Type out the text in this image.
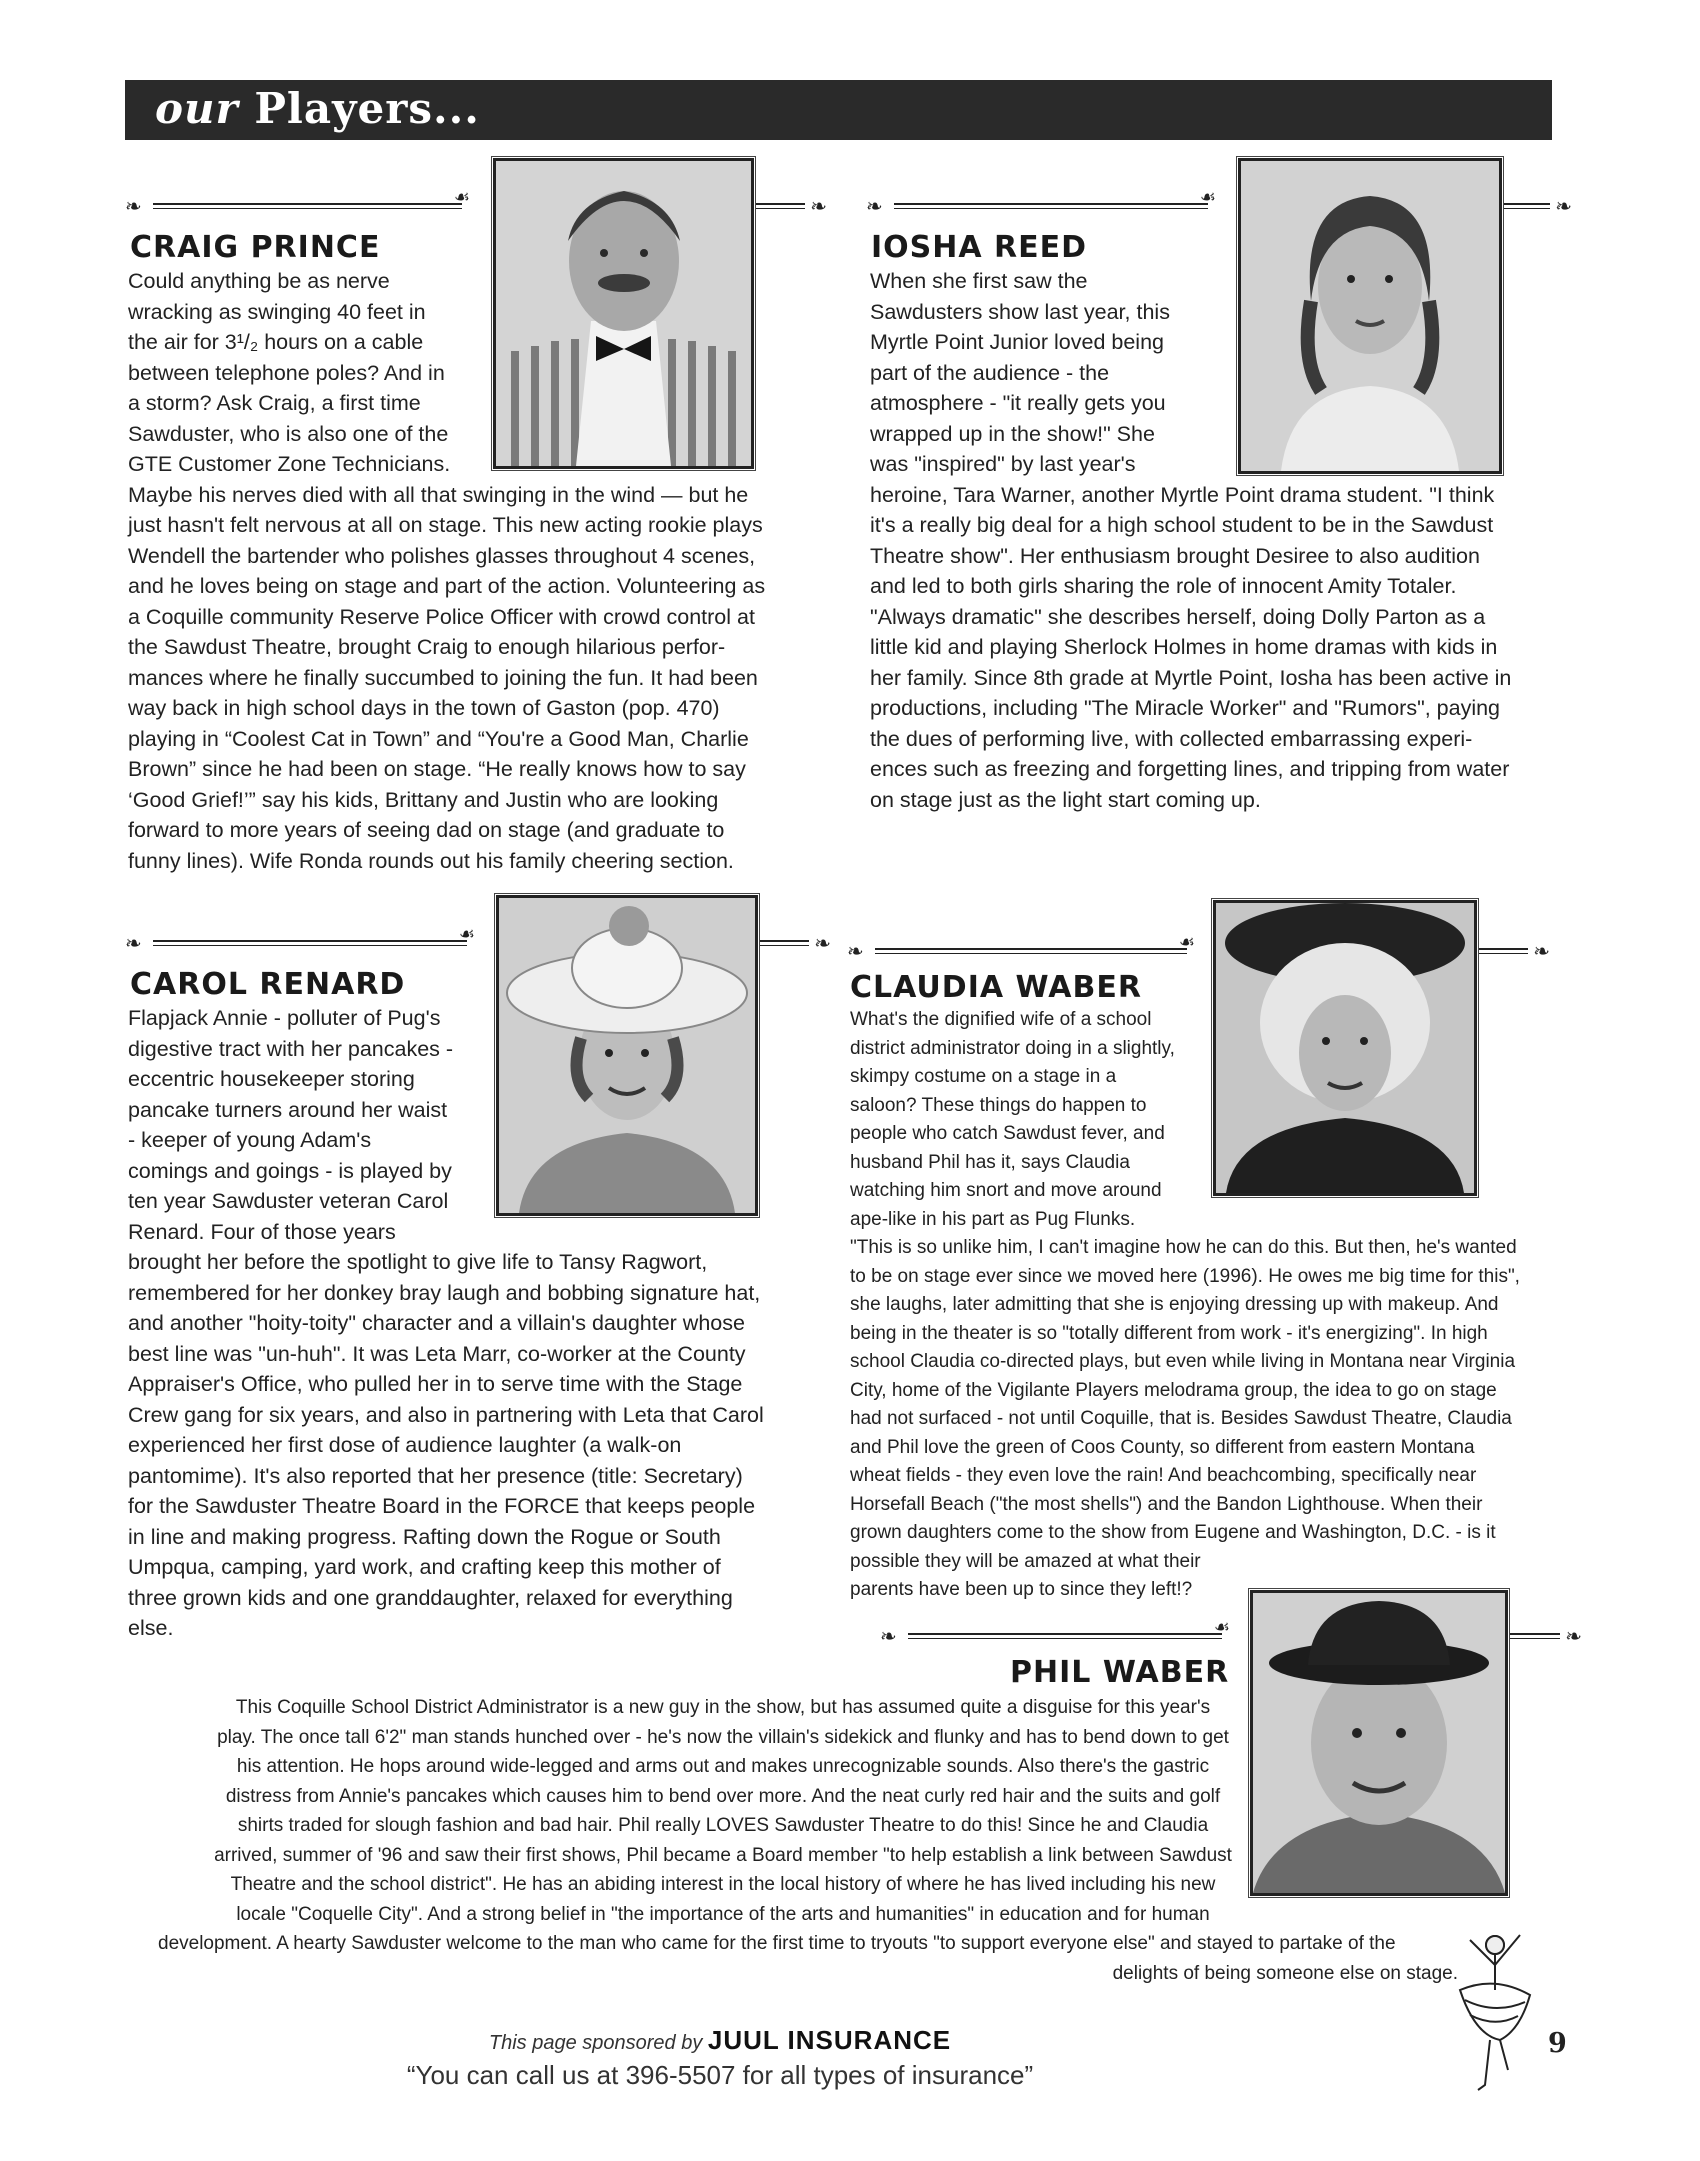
our Players...
❧	☙	❧
CRAIG PRINCE
Could anything be as nerve
wracking as swinging 40 feet in
the air for 3¹/₂ hours on a cable
between telephone poles? And in
a storm? Ask Craig, a first time
Sawduster, who is also one of the
GTE Customer Zone Technicians.
Maybe his nerves died with all that swinging in the wind — but he
just hasn't felt nervous at all on stage. This new acting rookie plays
Wendell the bartender who polishes glasses throughout 4 scenes,
and he loves being on stage and part of the action. Volunteering as
a Coquille community Reserve Police Officer with crowd control at
the Sawdust Theatre, brought Craig to enough hilarious perfor-
mances where he finally succumbed to joining the fun. It had been
way back in high school days in the town of Gaston (pop. 470)
playing in “Coolest Cat in Town” and “You're a Good Man, Charlie
Brown” since he had been on stage. “He really knows how to say
‘Good Grief!’” say his kids, Brittany and Justin who are looking
forward to more years of seeing dad on stage (and graduate to
funny lines). Wife Ronda rounds out his family cheering section.
❧	☙	❧
IOSHA REED
When she first saw the
Sawdusters show last year, this
Myrtle Point Junior loved being
part of the audience - the
atmosphere - "it really gets you
wrapped up in the show!" She
was "inspired" by last year's
heroine, Tara Warner, another Myrtle Point drama student. "I think
it's a really big deal for a high school student to be in the Sawdust
Theatre show". Her enthusiasm brought Desiree to also audition
and led to both girls sharing the role of innocent Amity Totaler.
"Always dramatic" she describes herself, doing Dolly Parton as a
little kid and playing Sherlock Holmes in home dramas with kids in
her family. Since 8th grade at Myrtle Point, Iosha has been active in
productions, including "The Miracle Worker" and "Rumors", paying
the dues of performing live, with collected embarrassing experi-
ences such as freezing and forgetting lines, and tripping from water
on stage just as the light start coming up.
❧	☙	❧
CAROL RENARD
Flapjack Annie - polluter of Pug's
digestive tract with her pancakes -
eccentric housekeeper storing
pancake turners around her waist
- keeper of young Adam's
comings and goings - is played by
ten year Sawduster veteran Carol
Renard. Four of those years
brought her before the spotlight to give life to Tansy Ragwort,
remembered for her donkey bray laugh and bobbing signature hat,
and another "hoity-toity" character and a villain's daughter whose
best line was "un-huh". It was Leta Marr, co-worker at the County
Appraiser's Office, who pulled her in to serve time with the Stage
Crew gang for six years, and also in partnering with Leta that Carol
experienced her first dose of audience laughter (a walk-on
pantomime). It's also reported that her presence (title: Secretary)
for the Sawduster Theatre Board in the FORCE that keeps people
in line and making progress. Rafting down the Rogue or South
Umpqua, camping, yard work, and crafting keep this mother of
three grown kids and one granddaughter, relaxed for everything
else.
❧	☙	❧
CLAUDIA WABER
What's the dignified wife of a school
district administrator doing in a slightly,
skimpy costume on a stage in a
saloon? These things do happen to
people who catch Sawdust fever, and
husband Phil has it, says Claudia
watching him snort and move around
ape-like in his part as Pug Flunks.
"This is so unlike him, I can't imagine how he can do this. But then, he's wanted
to be on stage ever since we moved here (1996). He owes me big time for this",
she laughs, later admitting that she is enjoying dressing up with makeup. And
being in the theater is so "totally different from work - it's energizing". In high
school Claudia co-directed plays, but even while living in Montana near Virginia
City, home of the Vigilante Players melodrama group, the idea to go on stage
had not surfaced - not until Coquille, that is. Besides Sawdust Theatre, Claudia
and Phil love the green of Coos County, so different from eastern Montana
wheat fields - they even love the rain! And beachcombing, specifically near
Horsefall Beach ("the most shells") and the Bandon Lighthouse. When their
grown daughters come to the show from Eugene and Washington, D.C. - is it
possible they will be amazed at what their
parents have been up to since they left!?
❧	☙	❧
PHIL WABER
This Coquille School District Administrator is a new guy in the show, but has assumed quite a disguise for this year's
play. The once tall 6'2" man stands hunched over - he's now the villain's sidekick and flunky and has to bend down to get
his attention. He hops around wide-legged and arms out and makes unrecognizable sounds. Also there's the gastric
distress from Annie's pancakes which causes him to bend over more. And the neat curly red hair and the suits and golf
shirts traded for slough fashion and bad hair. Phil really LOVES Sawduster Theatre to do this! Since he and Claudia
arrived, summer of '96 and saw their first shows, Phil became a Board member "to help establish a link between Sawdust
Theatre and the school district". He has an abiding interest in the local history of where he has lived including his new
locale "Coquelle City". And a strong belief in "the importance of the arts and humanities" in education and for human
development. A hearty Sawduster welcome to the man who came for the first time to tryouts "to support everyone else" and stayed to partake of the
delights of being someone else on stage.
This page sponsored by JUUL INSURANCE
“You can call us at 396-5507 for all types of insurance”
9
